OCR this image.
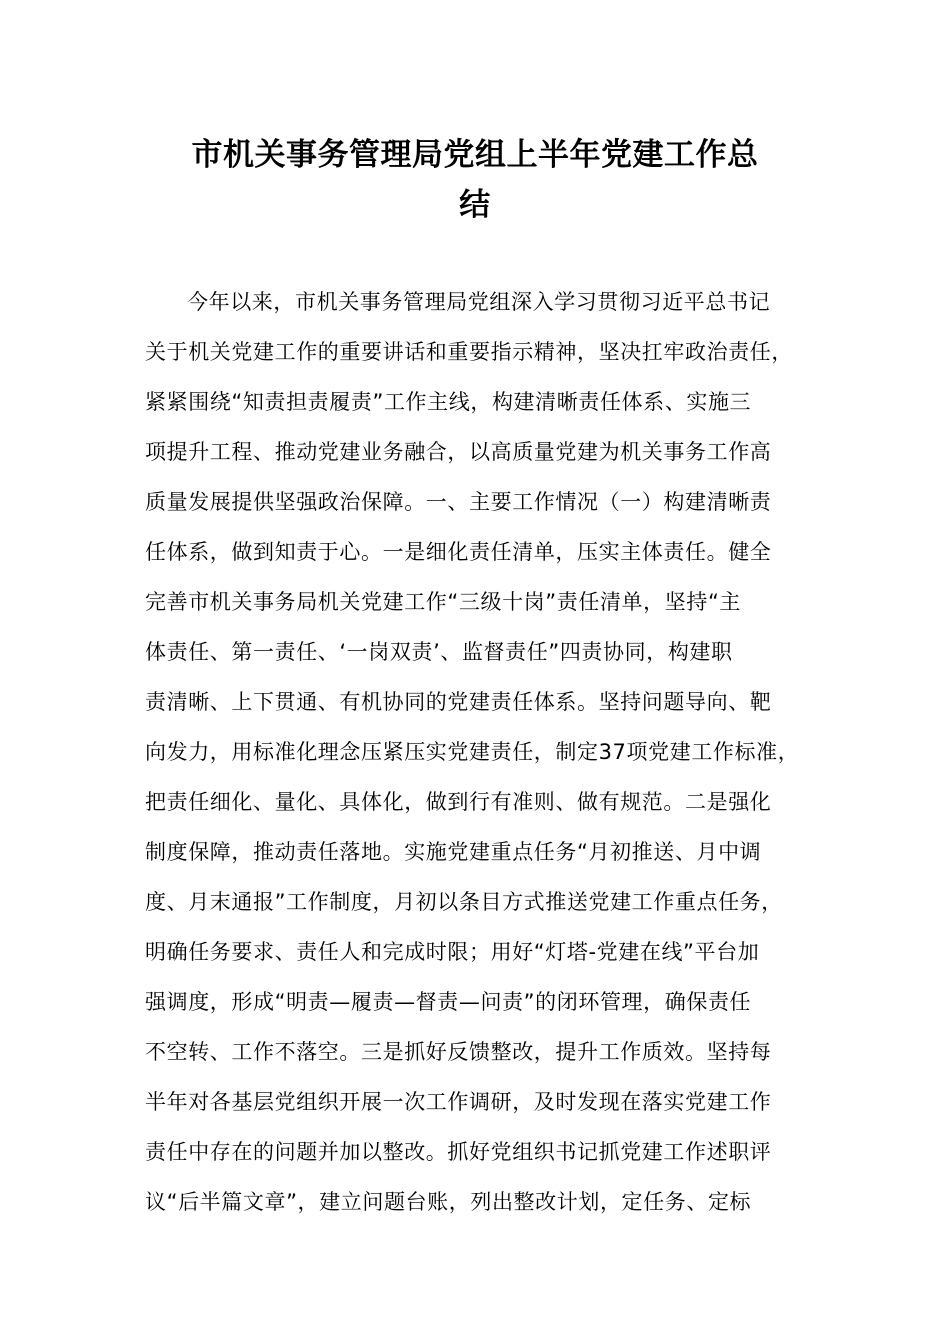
市机关事务管理局党组上半年党建工作总
结
今年以来，市机关事务管理局党组深入学习贯彻习近平总书记
关于机关党建工作的重要讲话和重要指示精神，坚决扛牢政治责任，
紧紧围绕“知责担责履责”工作主线，构建清晰责任体系、实施三
项提升工程、推动党建业务融合，以高质量党建为机关事务工作高
质量发展提供坚强政治保障。一、主要工作情况（一）构建清晰责
任体系，做到知责于心。一是细化责任清单，压实主体责任。健全
完善市机关事务局机关党建工作“三级十岗”责任清单，坚持“主
体责任、第一责任、‘一岗双责’、监督责任”四责协同，构建职
责清晰、上下贯通、有机协同的党建责任体系。坚持问题导向、靶
向发力，用标准化理念压紧压实党建责任，制定37项党建工作标准，
把责任细化、量化、具体化，做到行有准则、做有规范。二是强化
制度保障，推动责任落地。实施党建重点任务“月初推送、月中调
度、月末通报”工作制度，月初以条目方式推送党建工作重点任务，
明确任务要求、责任人和完成时限；用好“灯塔-党建在线”平台加
强调度，形成“明责—履责—督责—问责”的闭环管理，确保责任
不空转、工作不落空。三是抓好反馈整改，提升工作质效。坚持每
半年对各基层党组织开展一次工作调研，及时发现在落实党建工作
责任中存在的问题并加以整改。抓好党组织书记抓党建工作述职评
议“后半篇文章”，建立问题台账，列出整改计划，定任务、定标
